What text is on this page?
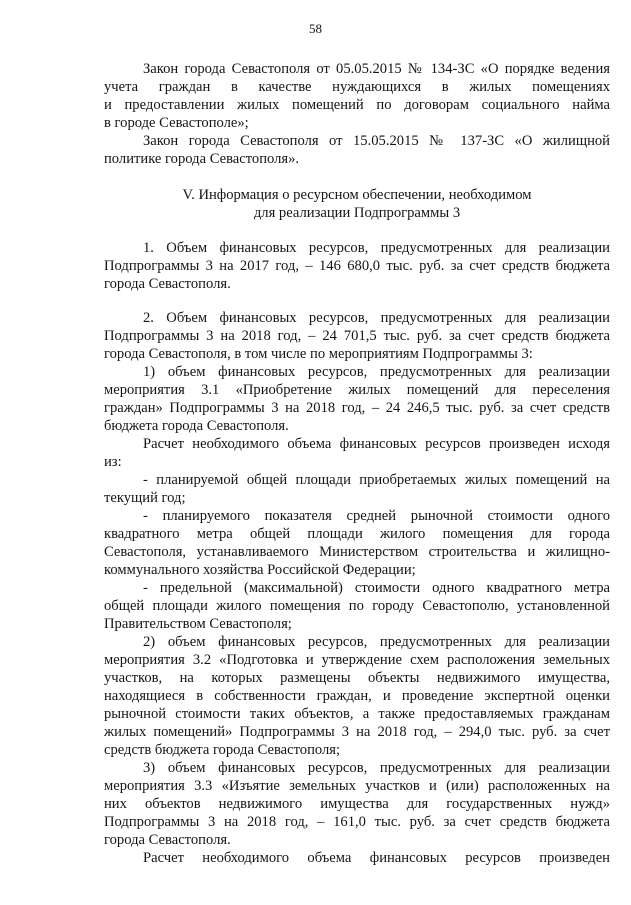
58
Закон города Севастополя от 05.05.2015 № 134-ЗС «О порядке ведения
учета граждан в качестве нуждающихся в жилых помещениях
и предоставлении жилых помещений по договорам социального найма
в городе Севастополе»;
Закон города Севастополя от 15.05.2015 № 137-ЗС «О жилищной
политике города Севастополя».
V. Информация о ресурсном обеспечении, необходимом
для реализации Подпрограммы 3
1. Объем финансовых ресурсов, предусмотренных для реализации
Подпрограммы 3 на 2017 год, – 146 680,0 тыс. руб. за счет средств бюджета
города Севастополя.
2. Объем финансовых ресурсов, предусмотренных для реализации
Подпрограммы 3 на 2018 год, – 24 701,5 тыс. руб. за счет средств бюджета
города Севастополя, в том числе по мероприятиям Подпрограммы 3:
1) объем финансовых ресурсов, предусмотренных для реализации
мероприятия 3.1 «Приобретение жилых помещений для переселения
граждан» Подпрограммы 3 на 2018 год, – 24 246,5 тыс. руб. за счет средств
бюджета города Севастополя.
Расчет необходимого объема финансовых ресурсов произведен исходя
из:
- планируемой общей площади приобретаемых жилых помещений на
текущий год;
- планируемого показателя средней рыночной стоимости одного
квадратного метра общей площади жилого помещения для города
Севастополя, устанавливаемого Министерством строительства и жилищно-
коммунального хозяйства Российской Федерации;
- предельной (максимальной) стоимости одного квадратного метра
общей площади жилого помещения по городу Севастополю, установленной
Правительством Севастополя;
2) объем финансовых ресурсов, предусмотренных для реализации
мероприятия 3.2 «Подготовка и утверждение схем расположения земельных
участков, на которых размещены объекты недвижимого имущества,
находящиеся в собственности граждан, и проведение экспертной оценки
рыночной стоимости таких объектов, а также предоставляемых гражданам
жилых помещений» Подпрограммы 3 на 2018 год, – 294,0 тыс. руб. за счет
средств бюджета города Севастополя;
3) объем финансовых ресурсов, предусмотренных для реализации
мероприятия 3.3 «Изъятие земельных участков и (или) расположенных на
них объектов недвижимого имущества для государственных нужд»
Подпрограммы 3 на 2018 год, – 161,0 тыс. руб. за счет средств бюджета
города Севастополя.
Расчет необходимого объема финансовых ресурсов произведен
